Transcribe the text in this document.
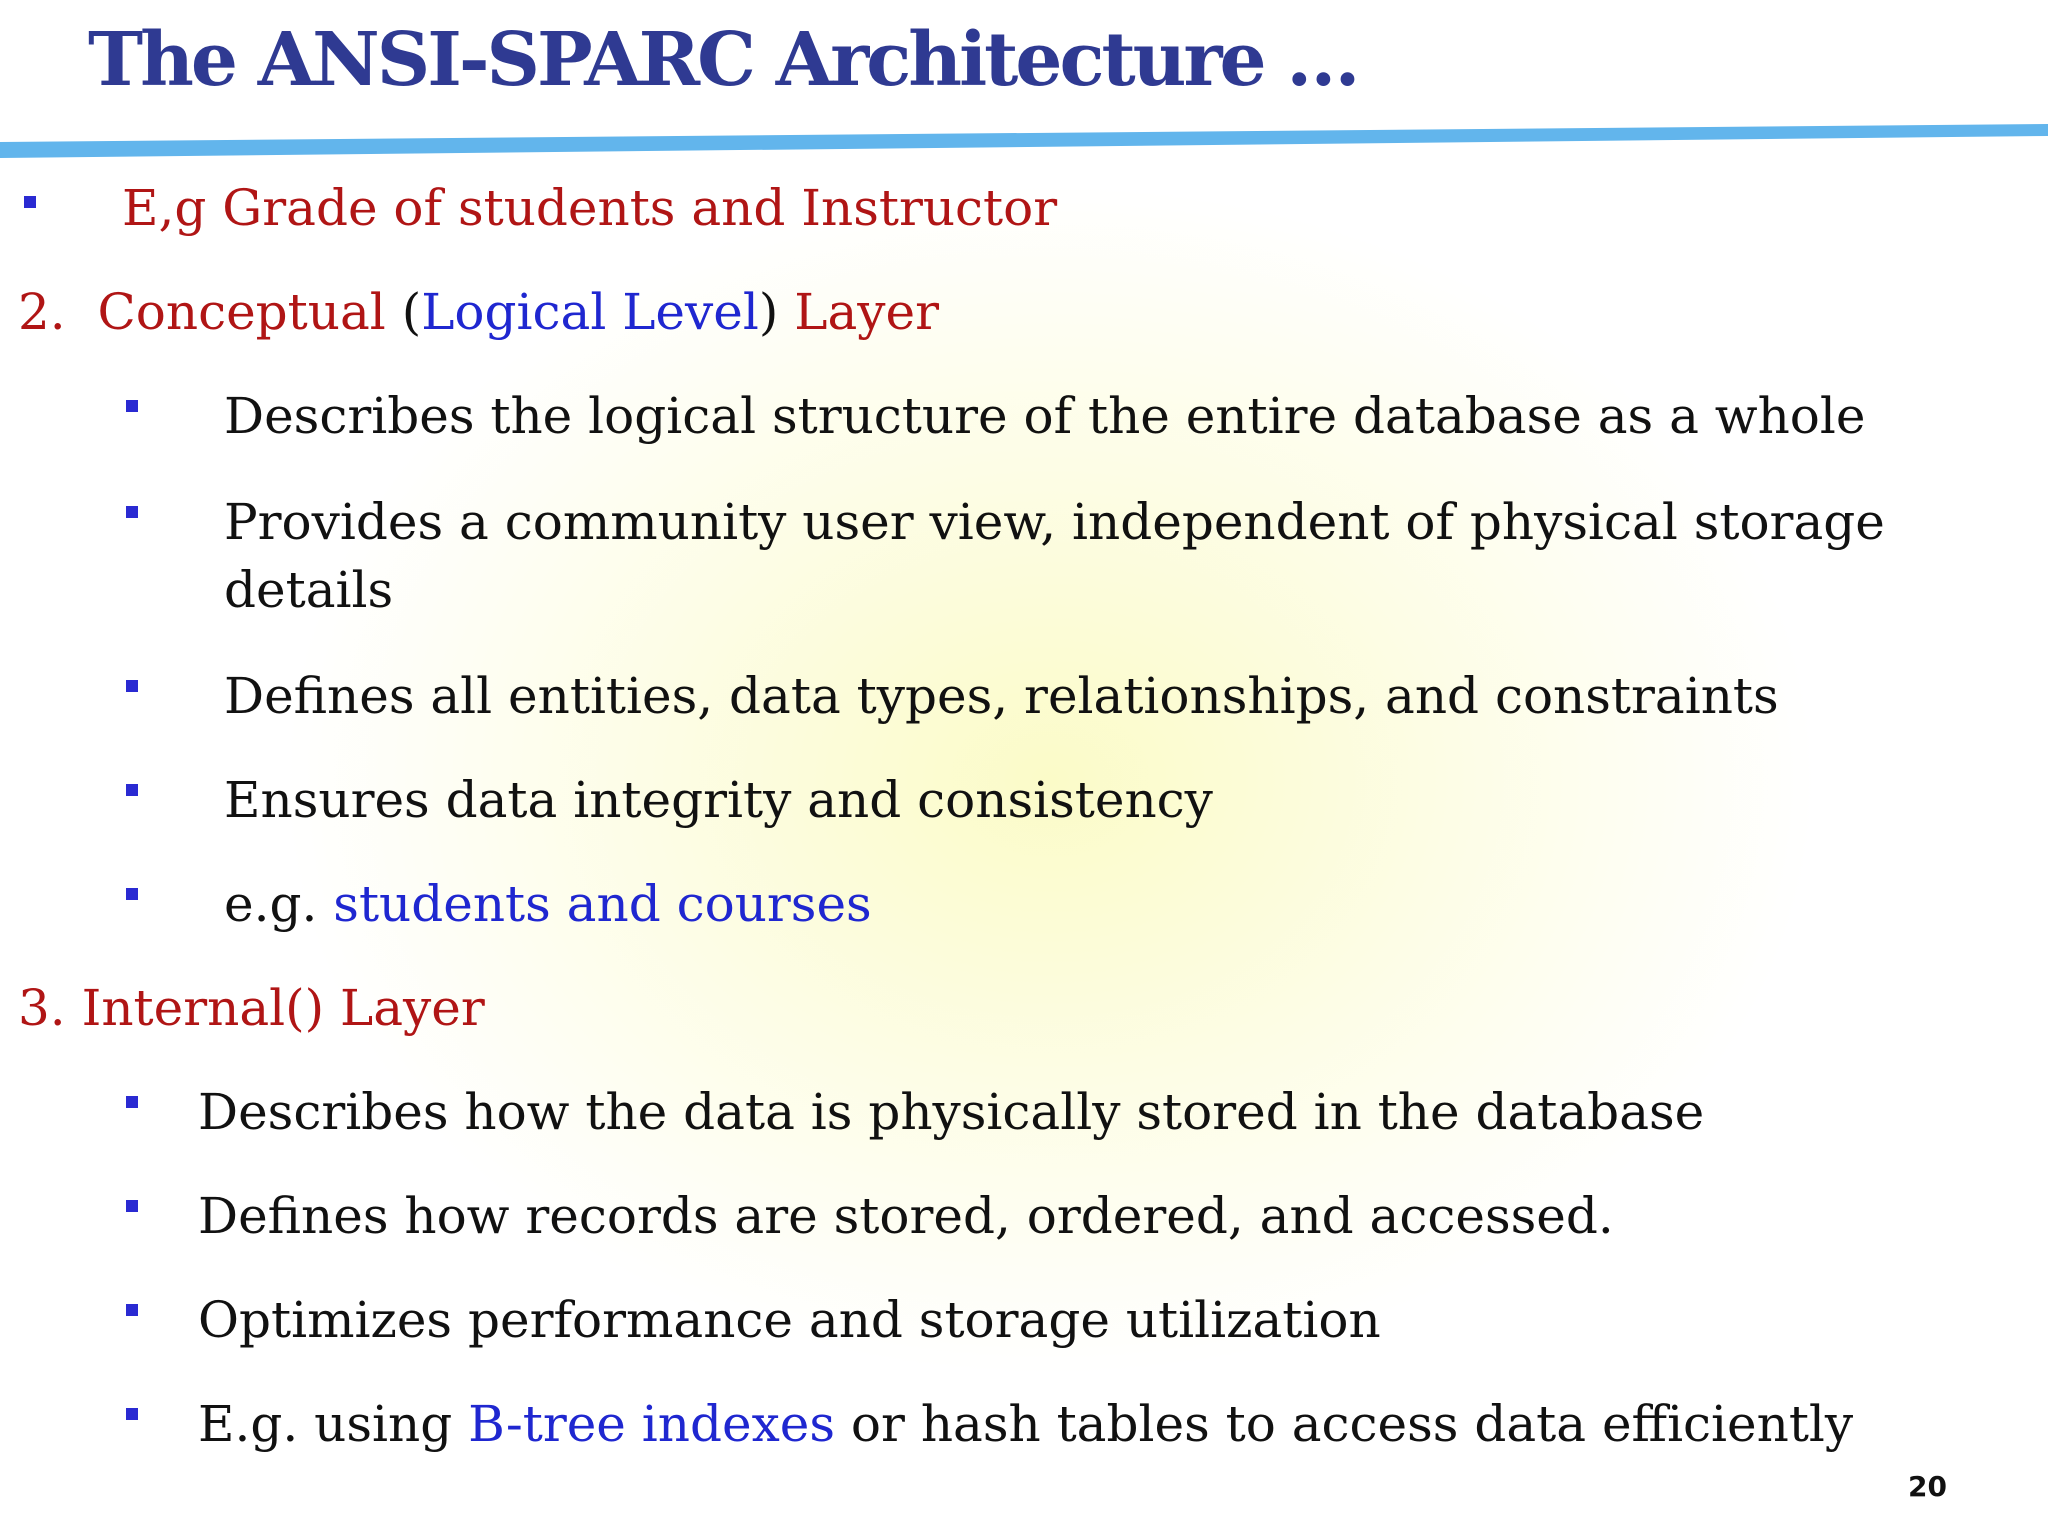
The ANSI-SPARC Architecture …
E,g Grade of students and Instructor
2. Conceptual (Logical Level) Layer
Describes the logical structure of the entire database as a whole
Provides a community user view, independent of physical storage
details
Defines all entities, data types, relationships, and constraints
Ensures data integrity and consistency
e.g. students and courses
3. Internal() Layer
Describes how the data is physically stored in the database
Defines how records are stored, ordered, and accessed.
Optimizes performance and storage utilization
E.g. using B-tree indexes or hash tables to access data efficiently
20
